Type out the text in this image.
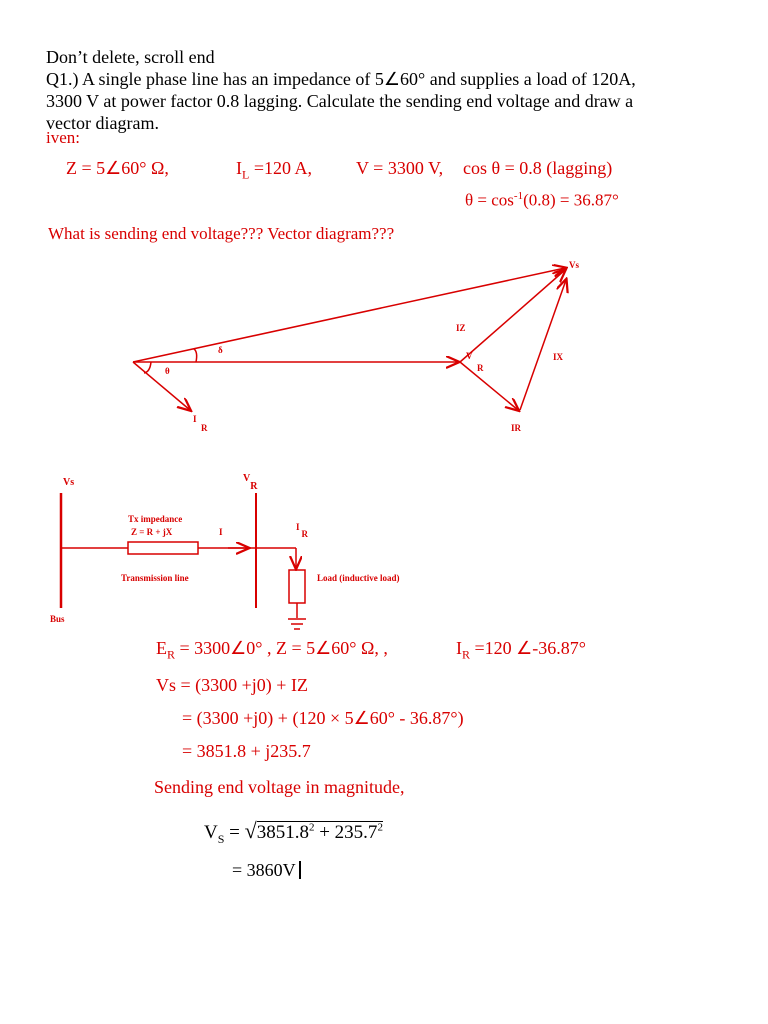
Don’t delete, scroll end
Q1.) A single phase line has an impedance of 5∠60° and supplies a load of 120A,
3300 V at power factor 0.8 lagging. Calculate the sending end voltage and draw a
vector diagram.
iven:
Z = 5∠60° Ω,	$I_L =120$ A, V = 3300 V, cos θ = 0.8 (lagging)
$\theta = \cos^{-1}(0.8) = 36.87^\circ$
What is sending end voltage??? Vector diagram???
Vs
IZ
δ
θ
V
R
IX
I
R	IR
Vs	VR
Tx impedance
Z = R + jX	I	IR
Transmission line	Load (inductive load)
Bus
$E_R$ = 3300∠0° , Z = 5∠60° Ω, ,	$I_R =120$ ∠-36.87°
Vs = (3300 +j0) + IZ
= (3300 +j0) + (120 × 5∠60° - 36.87°)
= 3851.8 + j235.7
Sending end voltage in magnitude,
$V_S = √3851.8^2 + 235.7^2$
= 3860V
